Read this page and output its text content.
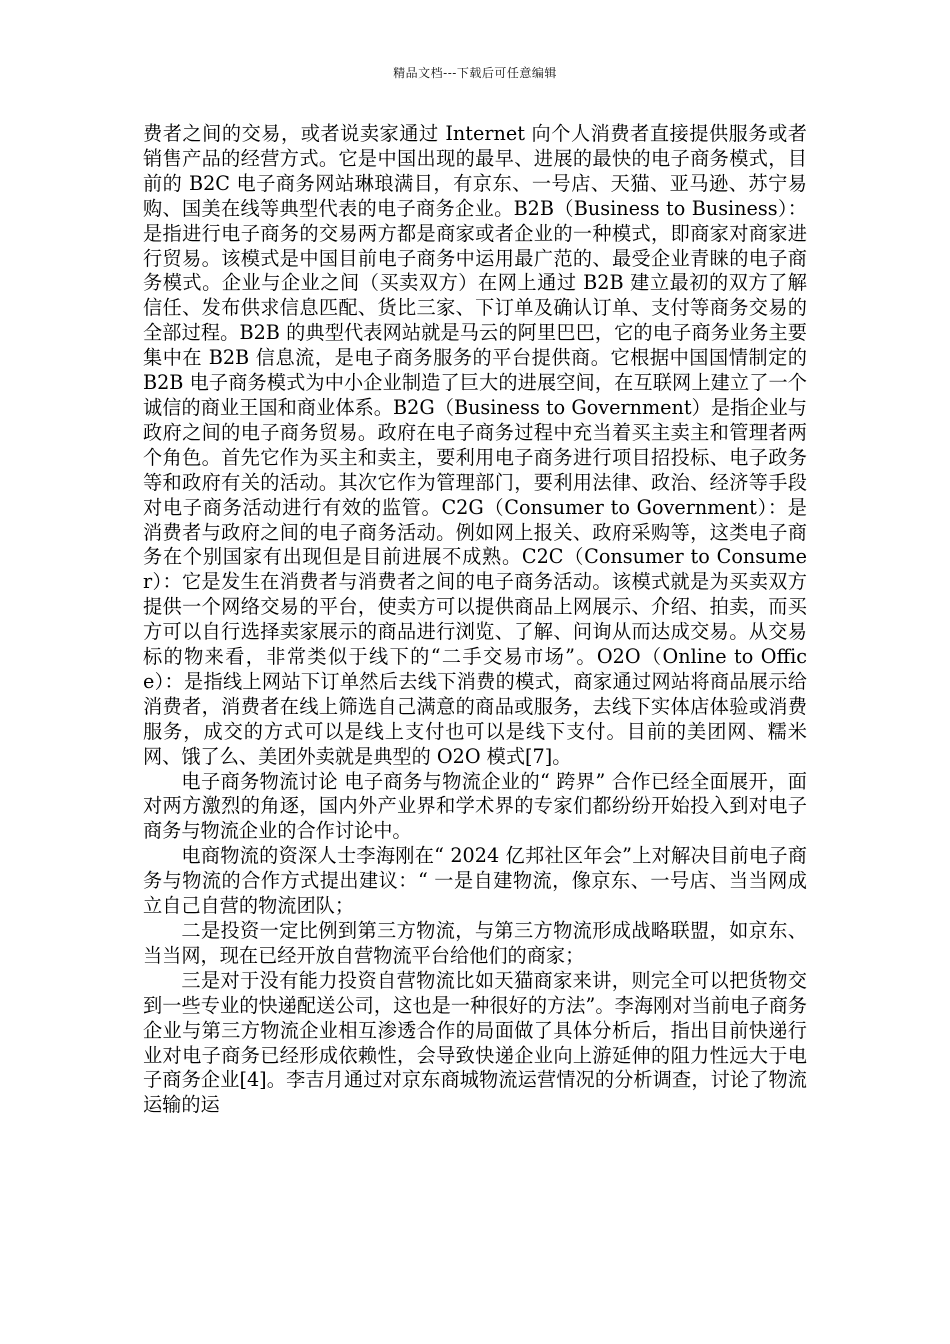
精品文档---下载后可任意编辑

费者之间的交易，或者说卖家通过 Internet 向个人消费者直接提供服务或者销售产品的经营方式。它是中国出现的最早、进展的最快的电子商务模式，目前的 B2C 电子商务网站琳琅满目，有京东、一号店、天猫、亚马逊、苏宁易购、国美在线等典型代表的电子商务企业。B2B（Business to Business）：是指进行电子商务的交易两方都是商家或者企业的一种模式，即商家对商家进行贸易。该模式是中国目前电子商务中运用最广范的、最受企业青睐的电子商务模式。企业与企业之间（买卖双方）在网上通过 B2B 建立最初的双方了解信任、发布供求信息匹配、货比三家、下订单及确认订单、支付等商务交易的全部过程。B2B 的典型代表网站就是马云的阿里巴巴，它的电子商务业务主要集中在 B2B 信息流，是电子商务服务的平台提供商。它根据中国国情制定的 B2B 电子商务模式为中小企业制造了巨大的进展空间，在互联网上建立了一个诚信的商业王国和商业体系。B2G（Business to Government）是指企业与政府之间的电子商务贸易。政府在电子商务过程中充当着买主卖主和管理者两个角色。首先它作为买主和卖主，要利用电子商务进行项目招投标、电子政务等和政府有关的活动。其次它作为管理部门，要利用法律、政治、经济等手段对电子商务活动进行有效的监管。C2G（Consumer to Government）：是消费者与政府之间的电子商务活动。例如网上报关、政府采购等，这类电子商务在个别国家有出现但是目前进展不成熟。C2C（Consumer to Consumer）：它是发生在消费者与消费者之间的电子商务活动。该模式就是为买卖双方提供一个网络交易的平台，使卖方可以提供商品上网展示、介绍、拍卖，而买方可以自行选择卖家展示的商品进行浏览、了解、问询从而达成交易。从交易标的物来看，非常类似于线下的“二手交易市场”。O2O（Online to Office）：是指线上网站下订单然后去线下消费的模式，商家通过网站将商品展示给消费者，消费者在线上筛选自己满意的商品或服务，去线下实体店体验或消费服务，成交的方式可以是线上支付也可以是线下支付。目前的美团网、糯米网、饿了么、美团外卖就是典型的 O2O 模式[7]。

电子商务物流讨论 电子商务与物流企业的“ 跨界” 合作已经全面展开，面对两方激烈的角逐，国内外产业界和学术界的专家们都纷纷开始投入到对电子商务与物流企业的合作讨论中。

电商物流的资深人士李海刚在“ 2024 亿邦社区年会”上对解决目前电子商务与物流的合作方式提出建议：“ 一是自建物流，像京东、一号店、当当网成立自己自营的物流团队；

二是投资一定比例到第三方物流，与第三方物流形成战略联盟，如京东、当当网，现在已经开放自营物流平台给他们的商家；

三是对于没有能力投资自营物流比如天猫商家来讲，则完全可以把货物交到一些专业的快递配送公司，这也是一种很好的方法”。李海刚对当前电子商务企业与第三方物流企业相互渗透合作的局面做了具体分析后，指出目前快递行业对电子商务已经形成依赖性，会导致快递企业向上游延伸的阻力性远大于电子商务企业[4]。李吉月通过对京东商城物流运营情况的分析调查，讨论了物流运输的运
